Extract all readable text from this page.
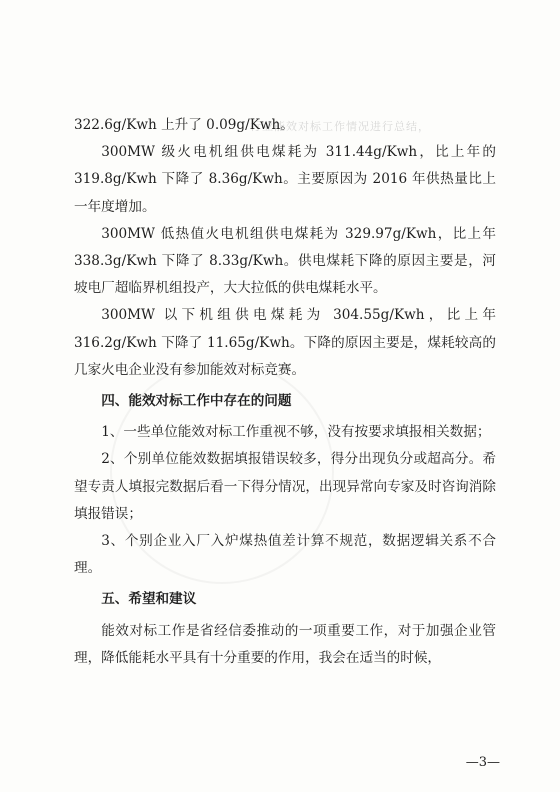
行业能效对标工作情况进行总结，

322.6g/Kwh 上升了 0.09g/Kwh。

300MW 级火电机组供电煤耗为 311.44g/Kwh，比上年的 319.8g/Kwh 下降了 8.36g/Kwh。主要原因为 2016 年供热量比上一年度增加。

300MW 低热值火电机组供电煤耗为 329.97g/Kwh，比上年 338.3g/Kwh 下降了 8.33g/Kwh。供电煤耗下降的原因主要是，河坡电厂超临界机组投产，大大拉低的供电煤耗水平。

300MW 以下机组供电煤耗为 304.55g/Kwh，比上年 316.2g/Kwh 下降了 11.65g/Kwh。下降的原因主要是，煤耗较高的几家火电企业没有参加能效对标竞赛。

四、能效对标工作中存在的问题

1、一些单位能效对标工作重视不够，没有按要求填报相关数据；

2、个别单位能效数据填报错误较多，得分出现负分或超高分。希望专责人填报完数据后看一下得分情况，出现异常向专家及时咨询消除填报错误；

3、个别企业入厂入炉煤热值差计算不规范，数据逻辑关系不合理。

五、希望和建议

能效对标工作是省经信委推动的一项重要工作，对于加强企业管理，降低能耗水平具有十分重要的作用，我会在适当的时候，

—3—
